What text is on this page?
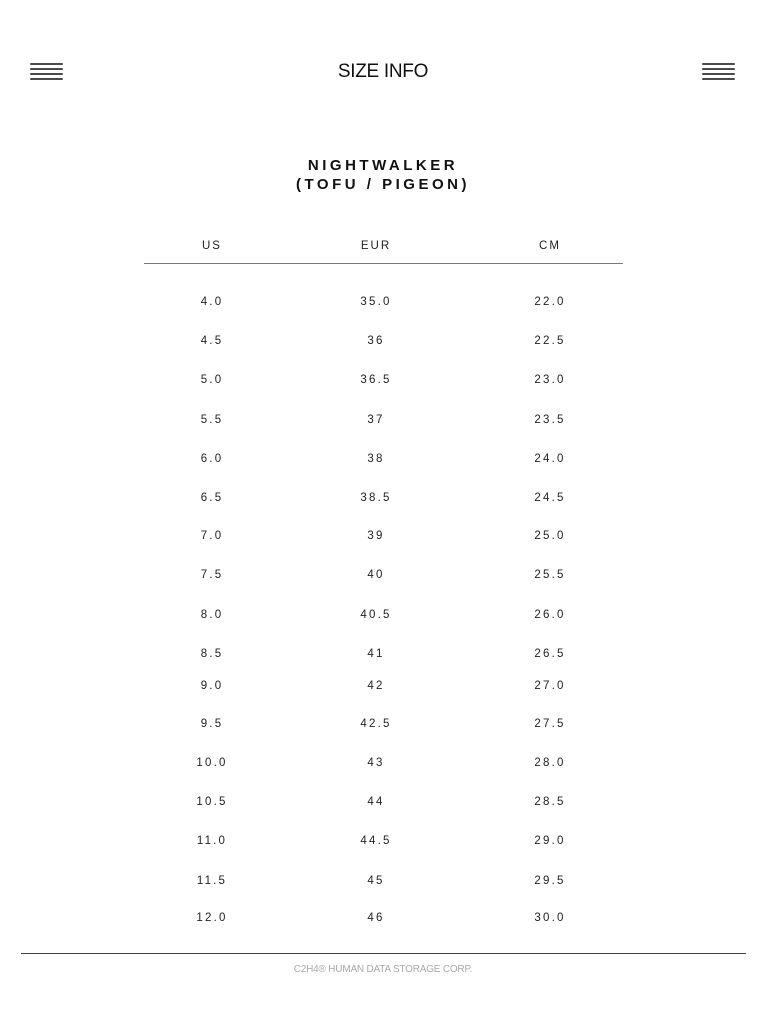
SIZE INFO
NIGHTWALKER
(TOFU / PIGEON)
US	EUR	CM
4.0	35.0	22.0
4.5	36	22.5
5.0	36.5	23.0
5.5	37	23.5
6.0	38	24.0
6.5	38.5	24.5
7.0	39	25.0
7.5	40	25.5
8.0	40.5	26.0
8.5	41	26.5
9.0	42	27.0
9.5	42.5	27.5
10.0	43	28.0
10.5	44	28.5
11.0	44.5	29.0
11.5	45	29.5
12.0	46	30.0
C2H4® HUMAN DATA STORAGE CORP.
